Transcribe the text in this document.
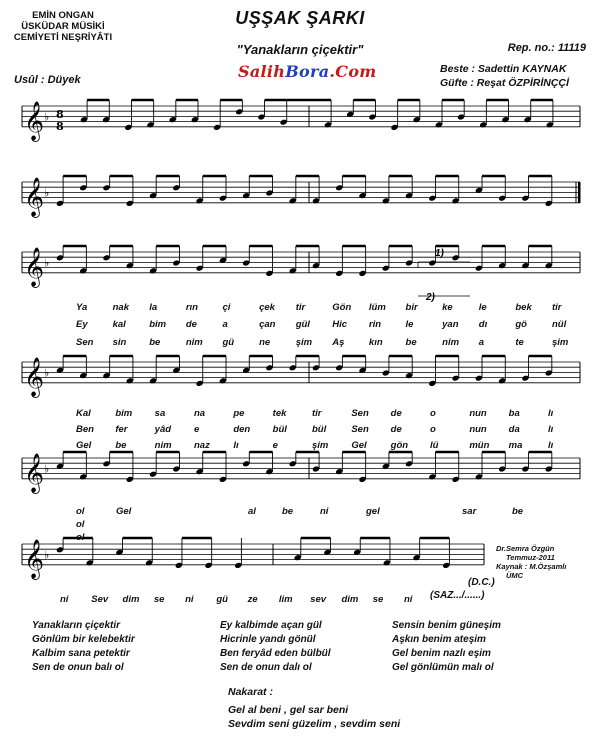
EMİN ONGAN
ÜSKÜDAR MÜSİKİ
CEMİYETİ NEŞRİYÂTI
UŞŞAK ŞARKI
"Yanakların çiçektir"	Rep. no.: 11119
Usûl : Düyek	SalihBora.Com	Beste : Sadettin KAYNAK
Güfte : Reşat ÖZPİRİNÇÇİ
8
8
1)
2)
𝄞 ♭
𝄞 ♭
𝄞 ♭
𝄞 ♭
𝄞 ♭
𝄞 ♭
Ya	nak la	rın	çi	çek tir	Gön lüm bir	ke	le	bek tir
Ey	kal bim de	a	çan gül Hic rin	le	yan dı	gö	nül
Sen sin be	nim gü	ne	şim Aş	kın be	nim a	te	şim
Kal	bim sa	na	pe	tek	tir	Sen de	o	nun ba	lı
Ben fer	yâd e	den bül	bül	Sen de	o	nun da	lı
Gel	be	nim naz lı	e	şim Gel	gön lü	mün ma	lı
ol	Gel	al	be	ni	gel	sar	be
ol
ol
ni Sev dim se ni gü ze lim sev dim se ni
Dr.Semra Özgün
Temmuz-2011
Kaynak : M.Özşamlı
ÜMC
(D.C.)
(SAZ.../......)
Yanakların çiçektir
Gönlüm bir kelebektir
Kalbim sana petektir
Sen de onun balı ol
Ey kalbimde açan gül
Hicrinle yandı gönül
Ben feryâd eden bülbül
Sen de onun dalı ol
Sensin benim güneşim
Aşkın benim ateşim
Gel benim nazlı eşim
Gel gönlümün malı ol
Nakarat :
Gel al beni , gel sar beni
Sevdim seni güzelim , sevdim seni
